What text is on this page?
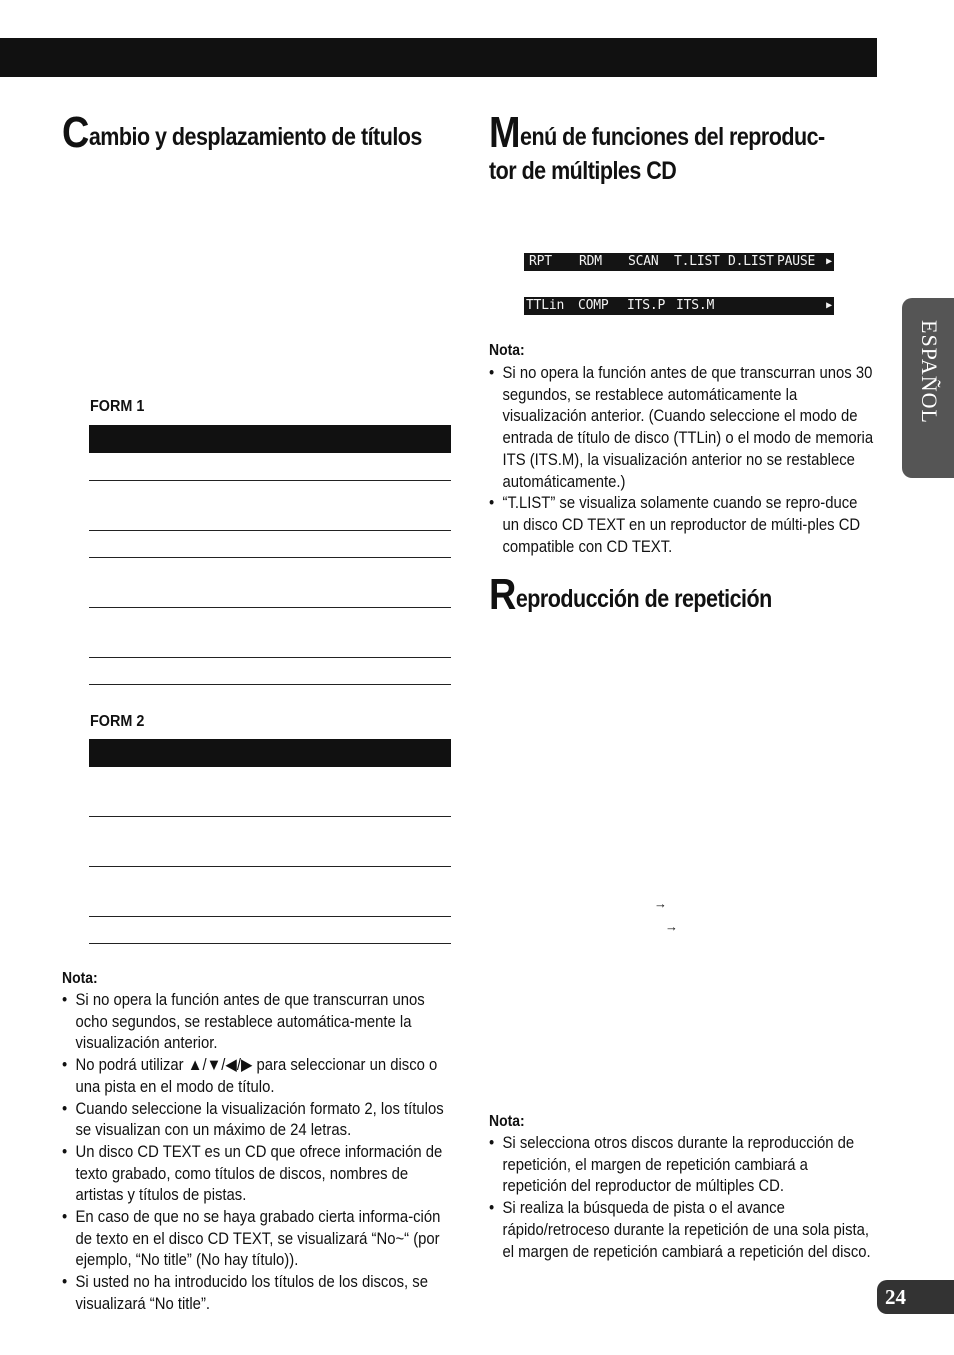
Cambio y desplazamiento de títulos Menú de funciones del reproduc-
tor de múltiples CD
RPT RDM SCAN T.LIST D.LIST PAUSE ▶
TTLin COMP ITS.P ITS.M	▶
ESPAÑOL
FORM 1
FORM 2
Nota:
• Si no opera la función antes de que transcurran unos ocho segundos, se restablece automática-mente la visualización anterior.
• No podrá utilizar ▲/▼/◀/▶ para seleccionar un disco o una pista en el modo de título.
• Cuando seleccione la visualización formato 2, los títulos se visualizan con un máximo de 24 letras.
• Un disco CD TEXT es un CD que ofrece información de texto grabado, como títulos de discos, nombres de artistas y títulos de pistas.
• En caso de que no se haya grabado cierta informa-ción de texto en el disco CD TEXT, se visualizará “No~“ (por ejemplo, “No title” (No hay título)).
• Si usted no ha introducido los títulos de los discos, se visualizará “No title”.
Nota:
• Si no opera la función antes de que transcurran unos 30 segundos, se restablece automáticamente la visualización anterior. (Cuando seleccione el modo de entrada de título de disco (TTLin) o el modo de memoria ITS (ITS.M), la visualización anterior no se restablece automáticamente.)
• “T.LIST” se visualiza solamente cuando se repro-duce un disco CD TEXT en un reproductor de múlti-ples CD compatible con CD TEXT.
Reproducción de repetición
→
→
Nota:
• Si selecciona otros discos durante la reproducción de repetición, el margen de repetición cambiará a repetición del reproductor de múltiples CD.
• Si realiza la búsqueda de pista o el avance rápido/retroceso durante la repetición de una sola pista, el margen de repetición cambiará a repetición del disco.
24
